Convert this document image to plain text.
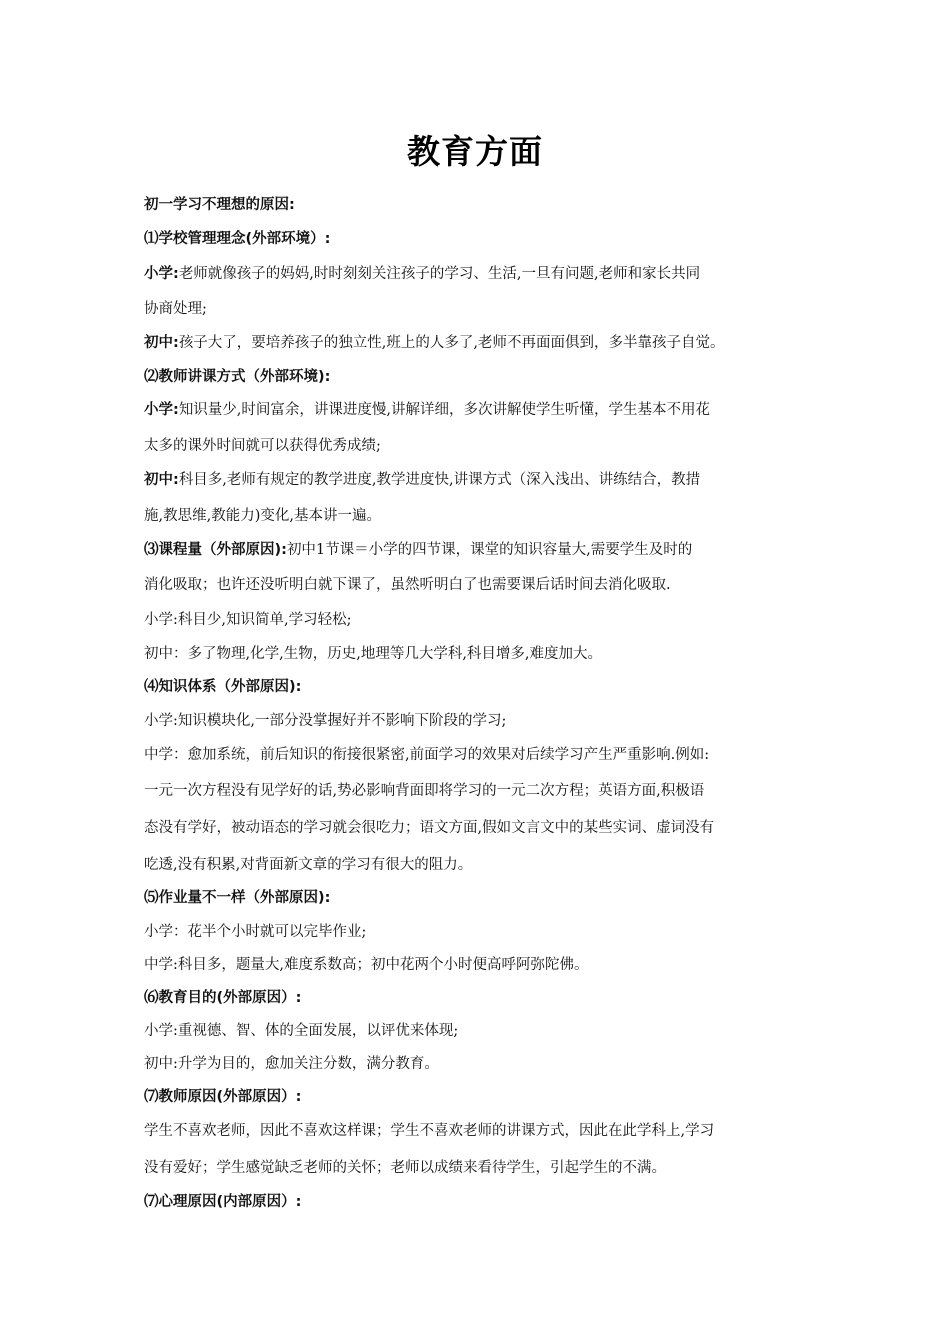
教育方面
初一学习不理想的原因:
⑴学校管理理念(外部环境）:
小学:老师就像孩子的妈妈,时时刻刻关注孩子的学习、生活,一旦有问题,老师和家长共同
协商处理;
初中:孩子大了，要培养孩子的独立性,班上的人多了,老师不再面面俱到，多半靠孩子自觉。
⑵教师讲课方式（外部环境):
小学:知识量少,时间富余，讲课进度慢,讲解详细，多次讲解使学生听懂，学生基本不用花
太多的课外时间就可以获得优秀成绩;
初中:科目多,老师有规定的教学进度,教学进度快,讲课方式（深入浅出、讲练结合，教措
施,教思维,教能力)变化,基本讲一遍。
⑶课程量（外部原因):初中1节课＝小学的四节课，课堂的知识容量大,需要学生及时的
消化吸取；也许还没听明白就下课了，虽然听明白了也需要课后话时间去消化吸取.
小学:科目少,知识简单,学习轻松;
初中：多了物理,化学,生物，历史,地理等几大学科,科目增多,难度加大。
⑷知识体系（外部原因):
小学:知识模块化,一部分没掌握好并不影响下阶段的学习;
中学：愈加系统，前后知识的衔接很紧密,前面学习的效果对后续学习产生严重影响.例如:
一元一次方程没有见学好的话,势必影响背面即将学习的一元二次方程；英语方面,积极语
态没有学好，被动语态的学习就会很吃力；语文方面,假如文言文中的某些实词、虚词没有
吃透,没有积累,对背面新文章的学习有很大的阻力。
⑸作业量不一样（外部原因):
小学：花半个小时就可以完毕作业;
中学:科目多，题量大,难度系数高；初中花两个小时便高呼阿弥陀佛。
⑹教育目的(外部原因）:
小学:重视德、智、体的全面发展，以评优来体现;
初中:升学为目的，愈加关注分数，满分教育。
⑺教师原因(外部原因）:
学生不喜欢老师，因此不喜欢这样课；学生不喜欢老师的讲课方式，因此在此学科上,学习
没有爱好；学生感觉缺乏老师的关怀；老师以成绩来看待学生，引起学生的不满。
⑺心理原因(内部原因）:
